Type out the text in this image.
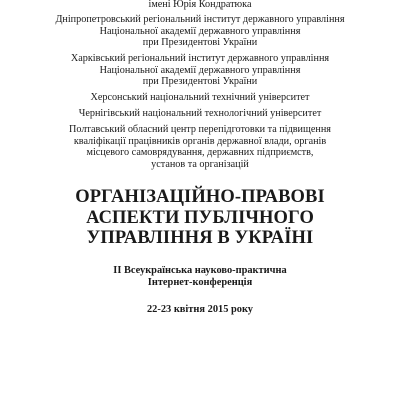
імені Юрія Кондратюка

Дніпропетровський регіональний інститут державного управління
Національної академії державного управління
при Президентові України

Харківський регіональний інститут державного управління
Національної академії державного управління
при Президентові України

Херсонський національний технічний університет

Чернігівський національний технологічний університет

Полтавський обласний центр перепідготовки та підвищення
кваліфікації працівників органів державної влади, органів
місцевого самоврядування, державних підприємств,
установ та організацій

ОРГАНІЗАЦІЙНО-ПРАВОВІ
АСПЕКТИ ПУБЛІЧНОГО
УПРАВЛІННЯ В УКРАЇНІ

ІІ Всеукраїнська науково-практична
Інтернет-конференція

22-23 квітня 2015 року
